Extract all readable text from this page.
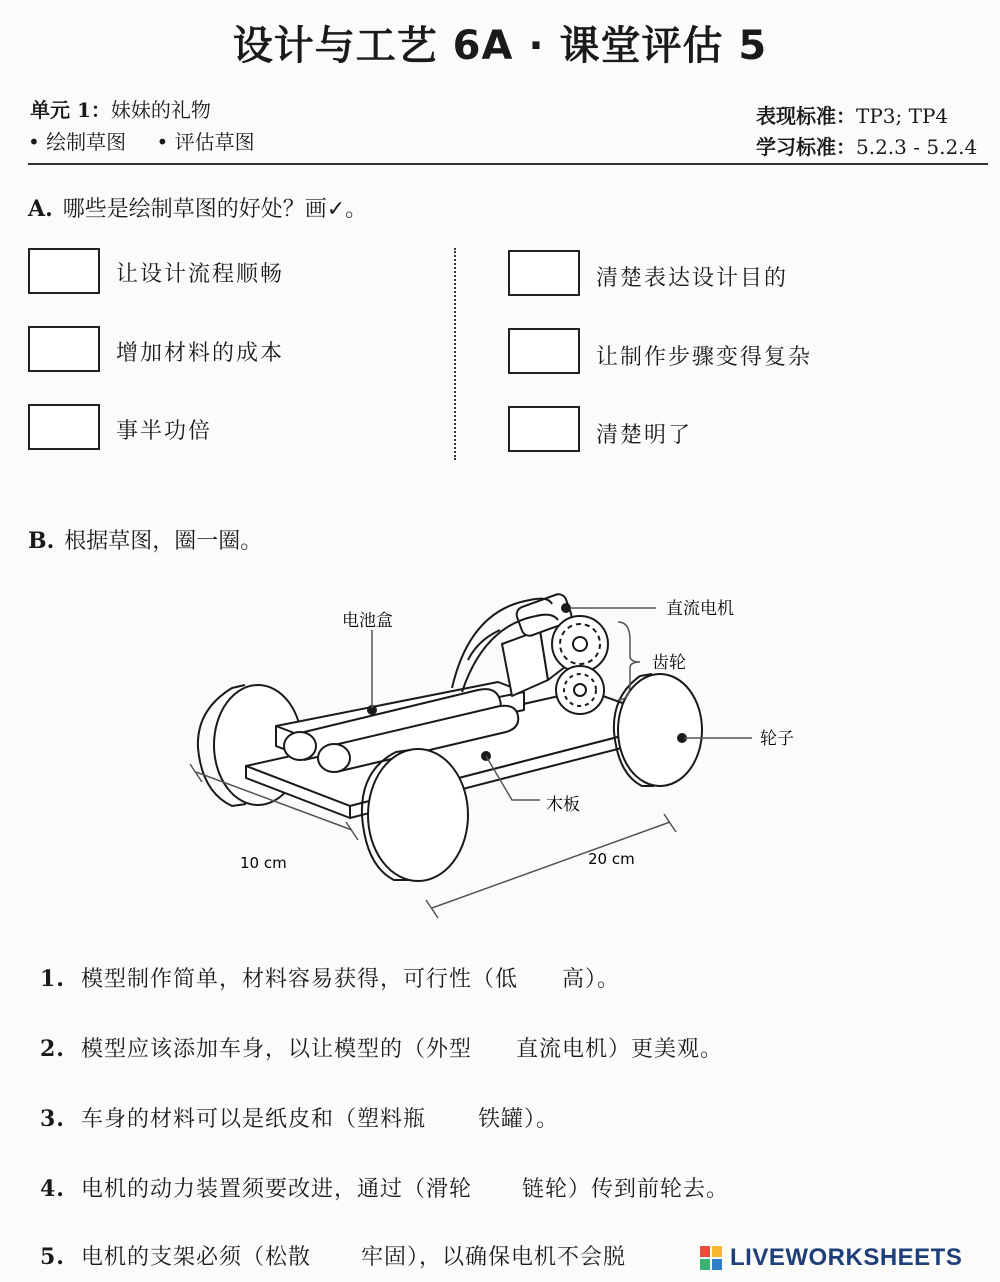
设计与工艺 6A · 课堂评估 5
单元 1：妹妹的礼物
• 绘制草图 • 评估草图
表现标准：TP3; TP4
学习标准：5.2.3 - 5.2.4
A. 哪些是绘制草图的好处？画✓。
让设计流程顺畅
增加材料的成本
事半功倍
清楚表达设计目的
让制作步骤变得复杂
清楚明了
B. 根据草图，圈一圈。
电池盒
直流电机
齿轮
轮子
木板
10 cm	20 cm
1. 模型制作简单，材料容易获得，可行性（低 高）。
2. 模型应该添加车身，以让模型的（外型 直流电机）更美观。
3. 车身的材料可以是纸皮和（塑料瓶 铁罐）。
4. 电机的动力装置须要改进，通过（滑轮 链轮）传到前轮去。
5. 电机的支架必须（松散 牢固），以确保电机不会脱	LIVEWORKSHEETS
